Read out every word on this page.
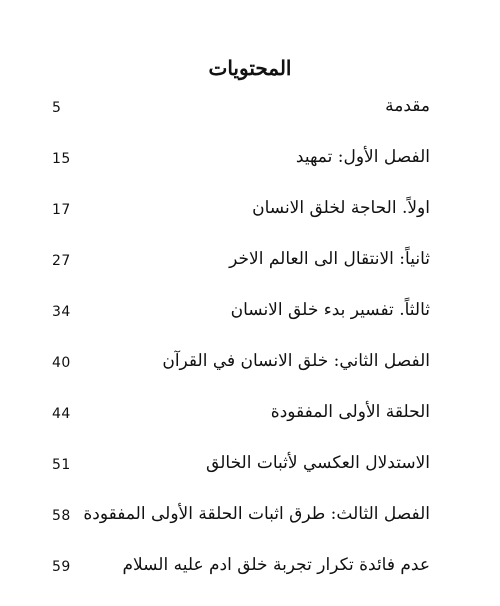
المحتويات
5	مقدمة
15	الفصل الأول: تمهيد
17	اولاً. الحاجة لخلق الانسان
27	ثانياً: الانتقال الى العالم الاخر
34	ثالثاً. تفسير بدء خلق الانسان
40	الفصل الثاني: خلق الانسان في القرآن
44	الحلقة الأولى المفقودة
51	الاستدلال العكسي لأثبات الخالق
58 الفصل الثالث: طرق اثبات الحلقة الأولى المفقودة
59	عدم فائدة تكرار تجربة خلق ادم عليه السلام
